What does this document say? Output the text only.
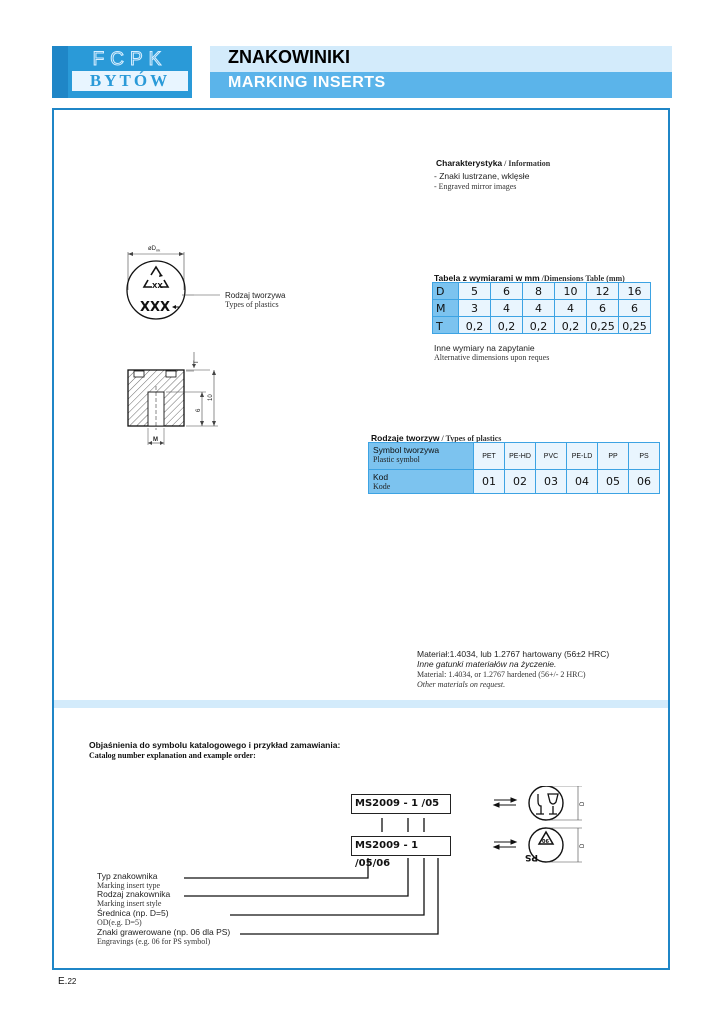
FCPK
BYTÓW
ZNAKOWINIKI
MARKING INSERTS
Charakterystyka / Information
- Znaki lustrzane, wklęsłe
- Engraved mirror images
$øD_{nk}$
XX
XXX
T
10
6
M
Rodzaj tworzywa
Types of plastics
Tabela z wymiarami w mm /Dimensions Table (mm)
D	5	6	8	10	12	16
M	3	4	4	4	6	6
T	0,2	0,2	0,2	0,2	0,25	0,25
Inne wymiary na zapytanie
Alternative dimensions upon reques
Rodzaje tworzyw / Types of plastics
Symbol tworzywa
Plastic symbol	PET	PE-HD	PVC	PE-LD	PP	PS

Kod
Kode	01	02	03	04	05	06
Materiał:1.4034, lub 1.2767 hartowany (56±2 HRC)
Inne gatunki materiałów na życzenie.
Material: 1.4034, or 1.2767 hardened (56+/- 2 HRC)
Other materials on request.
Objaśnienia do symbolu katalogowego i przykład zamawiania:
Catalog number explanation and example order:
MS2009 - 1 /05
MS2009 - 1 /05/06
06
PS
D
D
Typ znakownika
Marking insert type
Rodzaj znakownika
Marking insert style
Średnica (np. D=5)
OD(e.g. D=5)
Znaki grawerowane (np. 06 dla PS)
Engravings (e.g. 06 for PS symbol)
E.22
